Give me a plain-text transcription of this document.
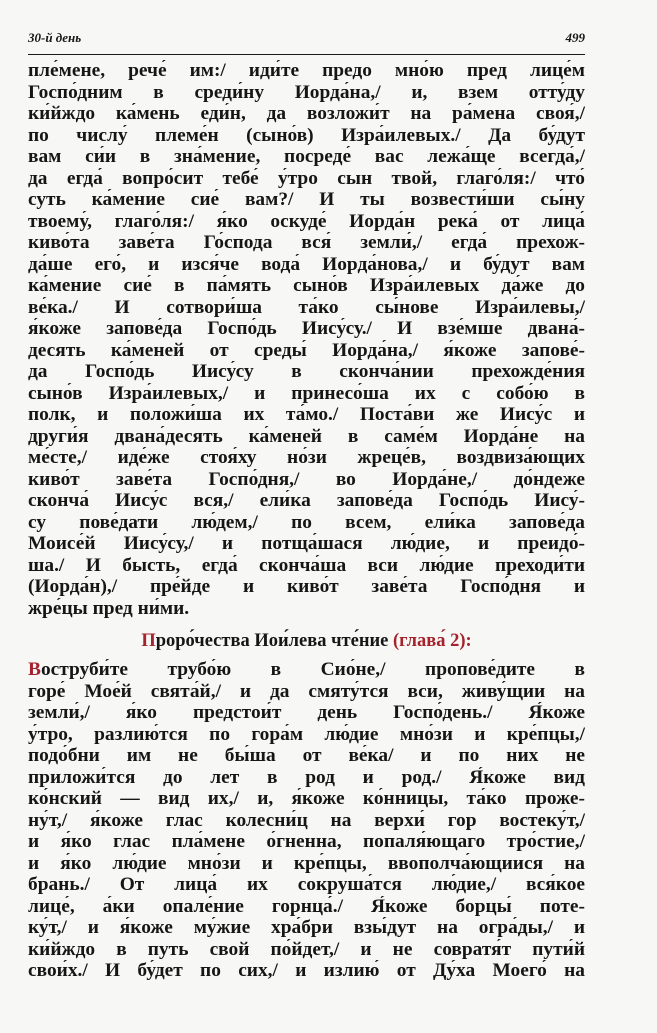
30-й день	499
пле́мене, рече́ им:/ иди́те предо мно́ю пред лице́м
Госпо́дним в среди́ну Иорда́на,/ и, взем отту́ду
ки́йждо ка́мень еди́н, да возложи́т на ра́мена своя́,/
по числу́ племе́н (сыно́в) Изра́илевых./ Да бу́дут
вам си́и в зна́мение, посреде́ вас лежа́ще всегда́,/
да егда́ вопро́сит тебе́ у́тро сын твой, глаго́ля:/ что́
суть ка́мение сие́ вам?/ И ты возвести́ши сы́ну
твоему́, глаго́ля:/ я́ко оскуде́ Иорда́н река́ от лица́
киво́та заве́та Го́спода вся́ земли́,/ егда́ прехож-
да́ше его́, и изся́че вода́ Иорда́нова,/ и бу́дут вам
ка́мение сие́ в па́мять сыно́в Изра́илевых да́же до
ве́ка./ И сотвори́ша та́ко сы́нове Изра́илевы,/
я́коже запове́да Госпо́дь Иису́су./ И взе́мше двана́-
десять ка́меней от среды́ Иорда́на,/ я́коже запове́-
да Госпо́дь Иису́су в сконча́нии прехожде́ния
сыно́в Изра́илевых,/ и принесо́ша их с собо́ю в
полк, и положи́ша их та́мо./ Поста́ви же Иису́с и
други́я двана́десять ка́меней в саме́м Иорда́не на
ме́сте,/ иде́же стоя́ху но́зи жреце́в, воздвиза́ющих
киво́т заве́та Госпо́дня,/ во Иорда́не,/ до́ндеже
сконча́ Иису́с вся,/ ели́ка запове́да Госпо́дь Иису́-
су пове́дати лю́дем,/ по всем, ели́ка запове́да
Моисе́й Иису́су,/ и потща́шася лю́дие, и преидо́-
ша./ И бысть, егда́ сконча́ша вси лю́дие преходи́ти
(Иорда́н),/ пре́йде и киво́т заве́та Госпо́дня и
жре́цы пред ни́ми.
Проро́чества Иои́лева чте́ние (глава́ 2):
Воструби́те трубо́ю в Сио́не,/ пропове́дите в
горе́ Мое́й свята́й,/ и да смяту́тся вси, живу́щии на
земли́,/ я́ко предстои́т день Госпо́день./ Я́коже
у́тро, разлию́тся по гора́м лю́дие мно́зи и кре́пцы,/
подо́бни им не бы́ша от ве́ка/ и по них не
приложи́тся до лет в род и род./ Я́коже вид
ко́нский — вид их,/ и, я́коже ко́нницы, та́ко проже-
ну́т,/ я́коже глас колесни́ц на верхи́ гор востеку́т,/
и я́ко глас пла́мене о́гненна, попаля́ющаго тро́стие,/
и я́ко лю́дие мно́зи и кре́пцы, ввополча́ющиися на
брань./ От лица́ их сокруша́тся лю́дие,/ вся́кое
лице́, а́ки опале́ние горнца́./ Я́коже борцы́ поте-
ку́т,/ и я́коже му́жие хра́бри взы́дут на огра́ды,/ и
ки́йждо в путь свой по́йдет,/ и не совратя́т пути́й
свои́х./ И бу́дет по сих,/ и излию́ от Ду́ха Моего́ на
